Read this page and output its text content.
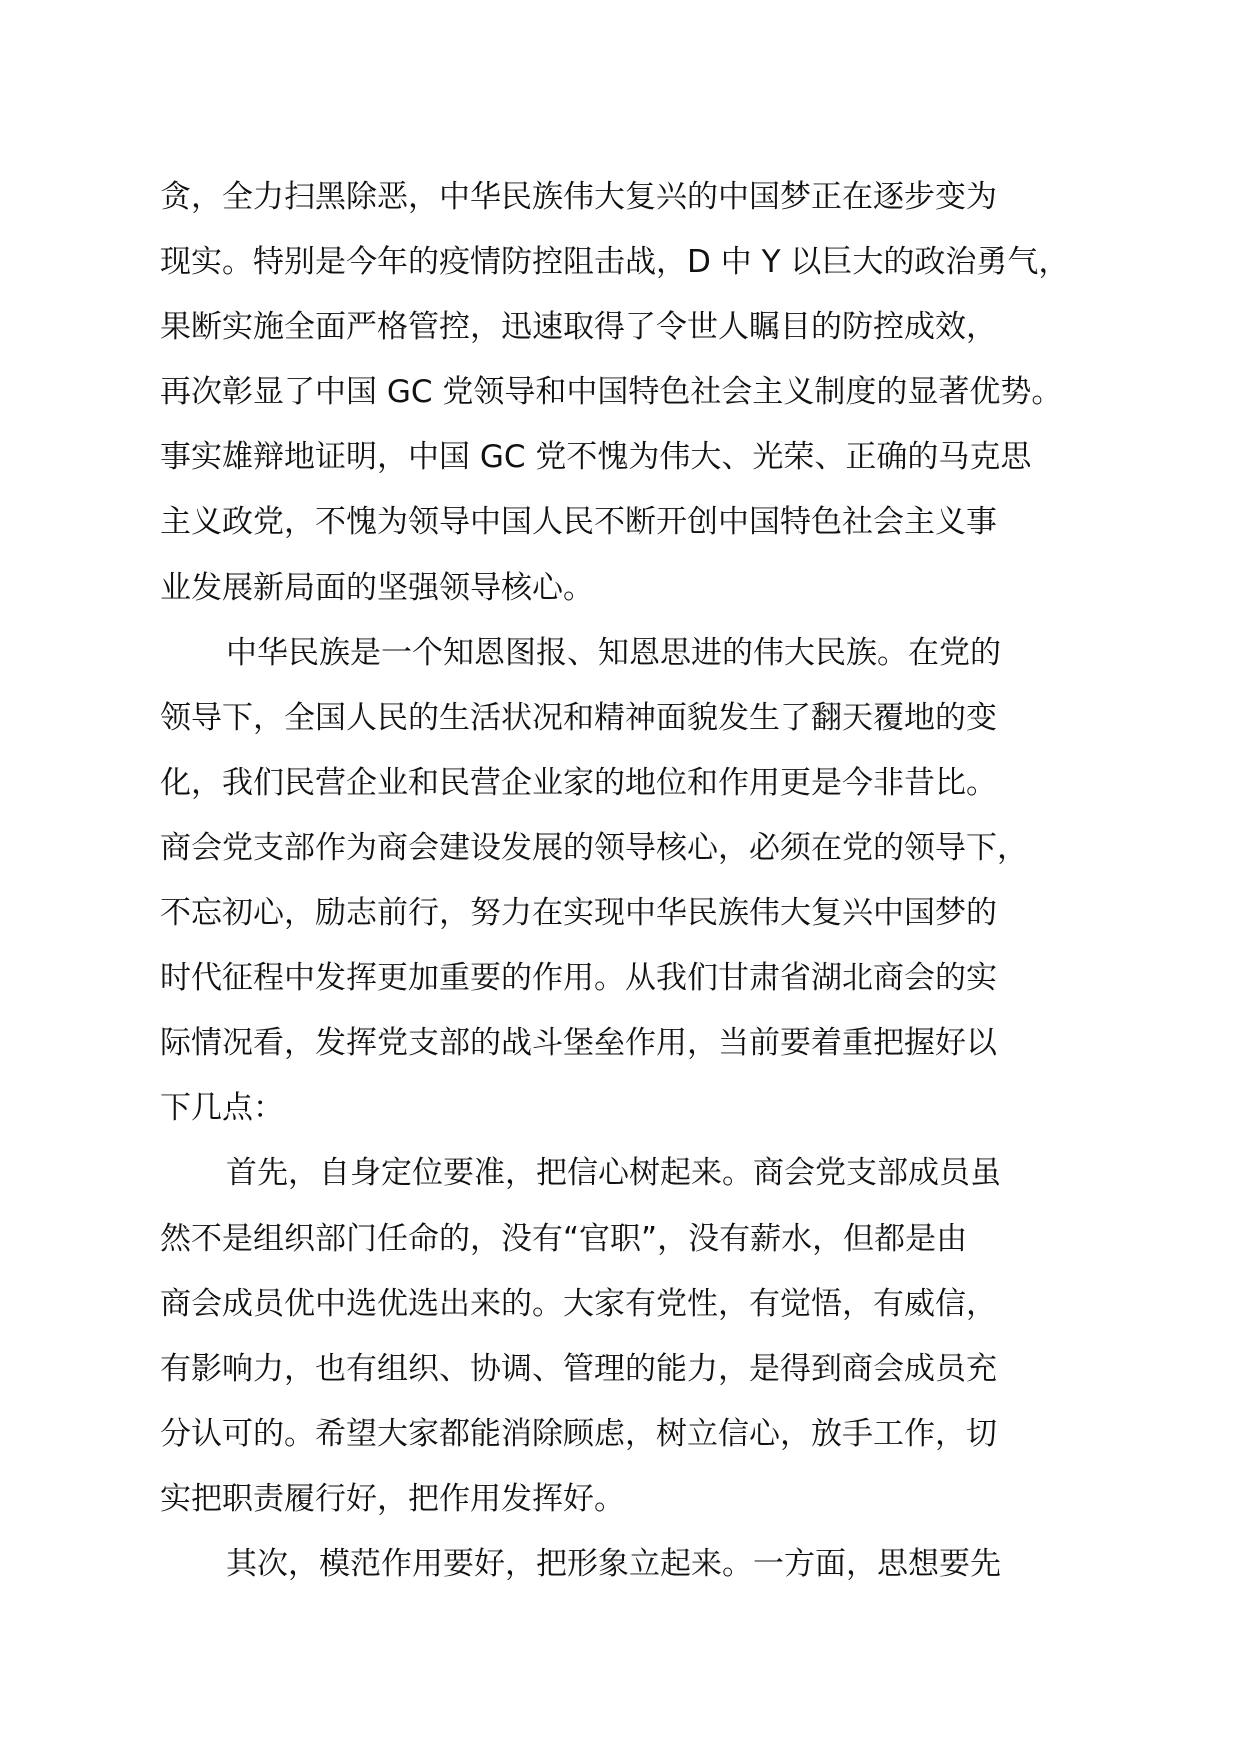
贪，全力扫黑除恶，中华民族伟大复兴的中国梦正在逐步变为
现实。特别是今年的疫情防控阻击战，D 中 Y 以巨大的政治勇气，
果断实施全面严格管控，迅速取得了令世人瞩目的防控成效，
再次彰显了中国 GC 党领导和中国特色社会主义制度的显著优势。
事实雄辩地证明，中国 GC 党不愧为伟大、光荣、正确的马克思
主义政党，不愧为领导中国人民不断开创中国特色社会主义事
业发展新局面的坚强领导核心。
中华民族是一个知恩图报、知恩思进的伟大民族。在党的
领导下，全国人民的生活状况和精神面貌发生了翻天覆地的变
化，我们民营企业和民营企业家的地位和作用更是今非昔比。
商会党支部作为商会建设发展的领导核心，必须在党的领导下，
不忘初心，励志前行，努力在实现中华民族伟大复兴中国梦的
时代征程中发挥更加重要的作用。从我们甘肃省湖北商会的实
际情况看，发挥党支部的战斗堡垒作用，当前要着重把握好以
下几点：
首先，自身定位要准，把信心树起来。商会党支部成员虽
然不是组织部门任命的，没有“官职”，没有薪水，但都是由
商会成员优中选优选出来的。大家有党性，有觉悟，有威信，
有影响力，也有组织、协调、管理的能力，是得到商会成员充
分认可的。希望大家都能消除顾虑，树立信心，放手工作，切
实把职责履行好，把作用发挥好。
其次，模范作用要好，把形象立起来。一方面，思想要先
